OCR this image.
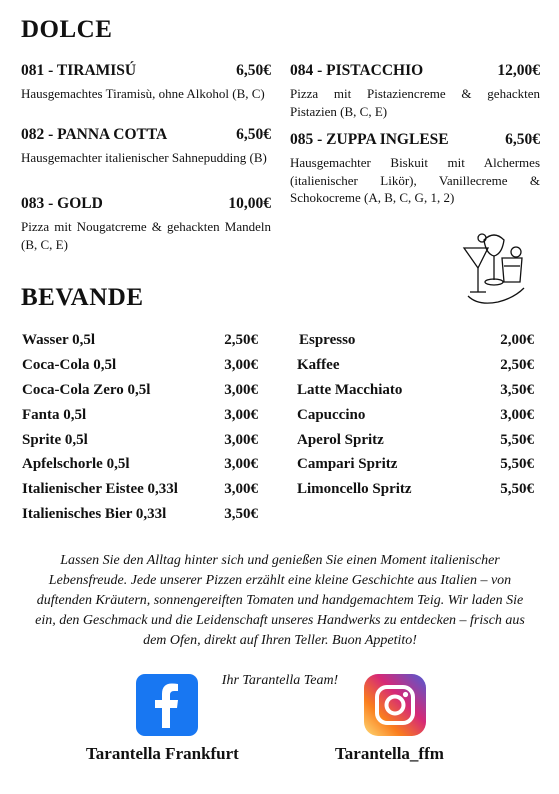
DOLCE
081 - TIRAMISÚ	6,50€
Hausgemachtes Tiramisù, ohne Alkohol (B, C)
082 - PANNA COTTA	6,50€
Hausgemachter italienischer Sahnepudding (B)
083 - GOLD	10,00€
Pizza mit Nougatcreme & gehackten Mandeln (B, C, E)
084 - PISTACCHIO	12,00€
Pizza mit Pistaziencreme & gehackten Pistazien (B, C, E)
085 - ZUPPA INGLESE	6,50€
Hausgemachter Biskuit mit Alchermes (italienischer Likör), Vanillecreme & Schokocreme (A, B, C, G, 1, 2)
BEVANDE
Wasser 0,5l	2,50€
Coca-Cola 0,5l	3,00€
Coca-Cola Zero 0,5l	3,00€
Fanta 0,5l	3,00€
Sprite 0,5l	3,00€
Apfelschorle 0,5l	3,00€
Italienischer Eistee 0,33l	3,00€
Italienisches Bier 0,33l	3,50€
Espresso	2,00€
Kaffee	2,50€
Latte Macchiato	3,50€
Capuccino	3,00€
Aperol Spritz	5,50€
Campari Spritz	5,50€
Limoncello Spritz	5,50€
Lassen Sie den Alltag hinter sich und genießen Sie einen Moment italienischer Lebensfreude. Jede unserer Pizzen erzählt eine kleine Geschichte aus Italien – von duftenden Kräutern, sonnengereiften Tomaten und handgemachtem Teig. Wir laden Sie ein, den Geschmack und die Leidenschaft unseres Handwerks zu entdecken – frisch aus dem Ofen, direkt auf Ihren Teller. Buon Appetito!
Ihr Tarantella Team!
Tarantella Frankfurt	Tarantella_ffm
